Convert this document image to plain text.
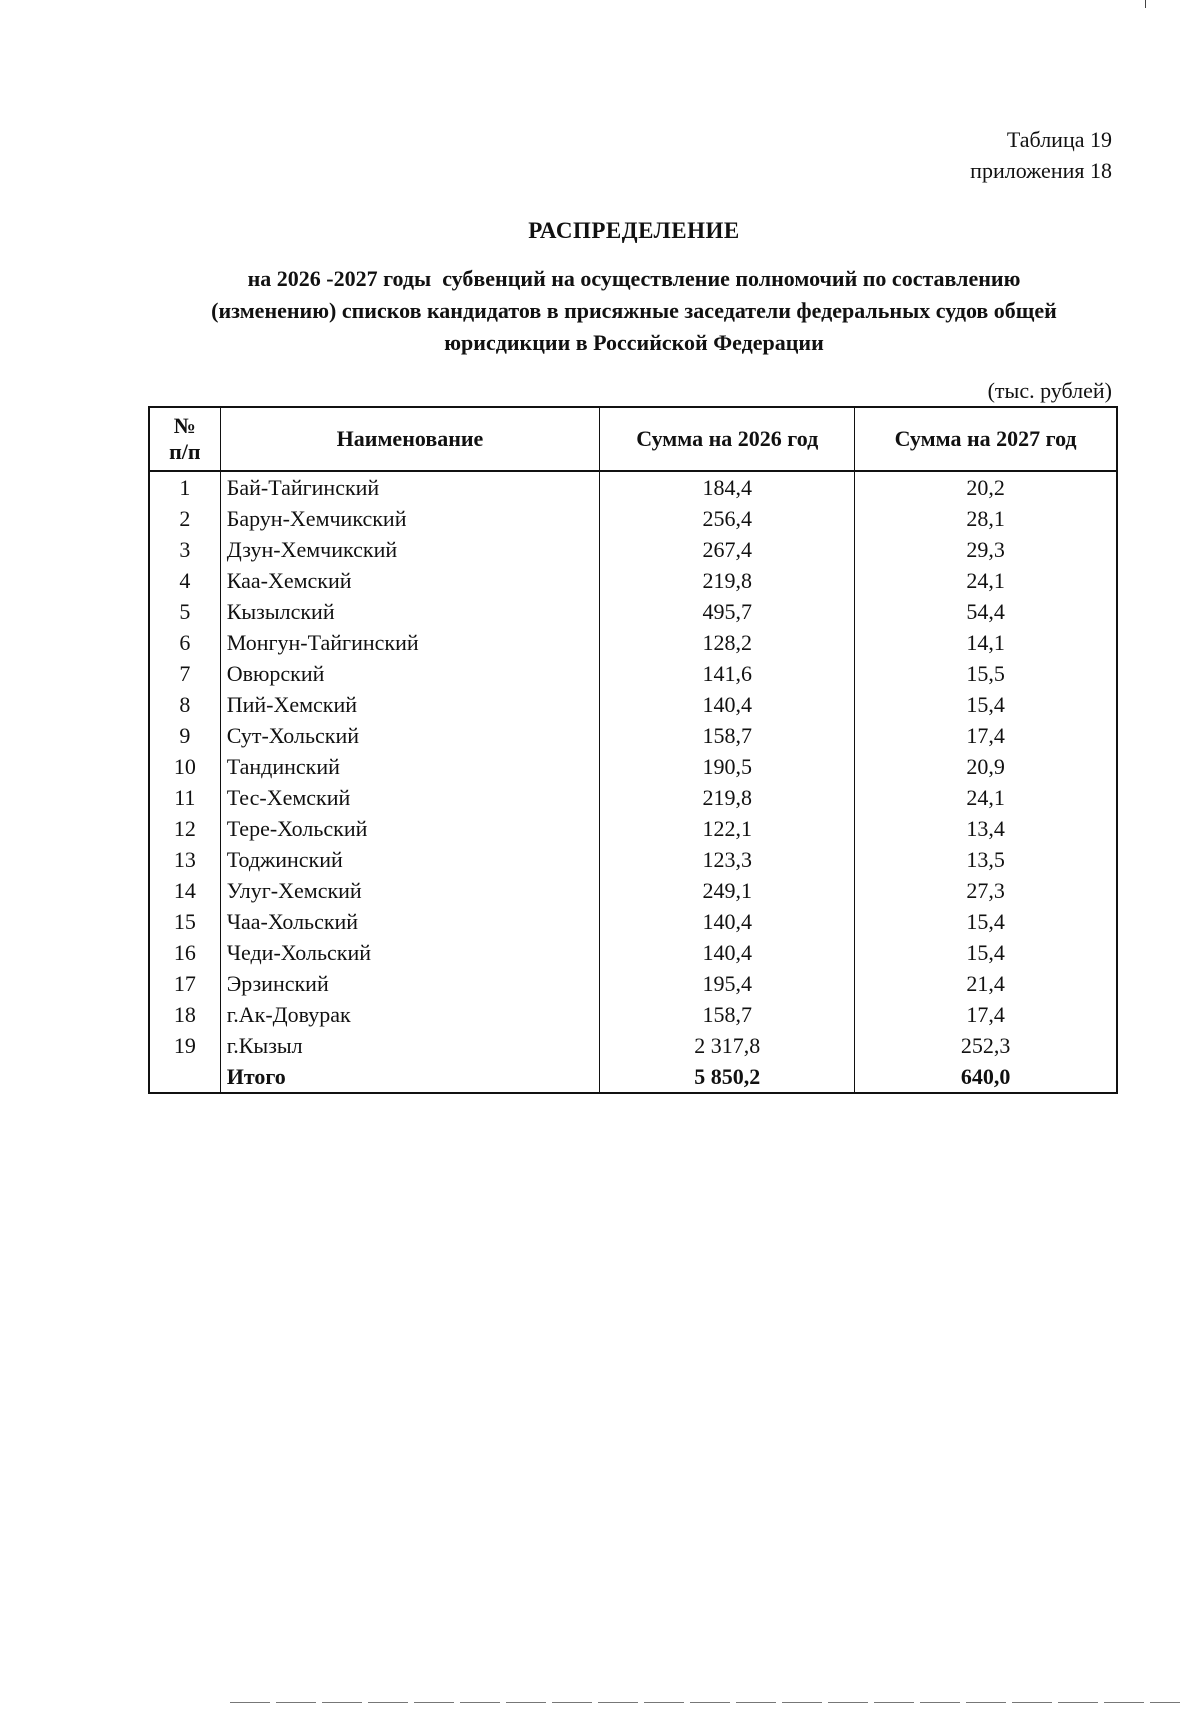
Таблица 19
приложения 18
РАСПРЕДЕЛЕНИЕ
на 2026 -2027 годы  субвенций на осуществление полномочий по составлению
(изменению) списков кандидатов в присяжные заседатели федеральных судов общей
юрисдикции в Российской Федерации
(тыс. рублей)
№
п/п	Наименование	Сумма на 2026 год	Сумма на 2027 год
1	Бай-Тайгинский	184,4	20,2
2	Барун-Хемчикский	256,4	28,1
3	Дзун-Хемчикский	267,4	29,3
4	Каа-Хемский	219,8	24,1
5	Кызылский	495,7	54,4
6	Монгун-Тайгинский	128,2	14,1
7	Овюрский	141,6	15,5
8	Пий-Хемский	140,4	15,4
9	Сут-Хольский	158,7	17,4
10	Тандинский	190,5	20,9
11	Тес-Хемский	219,8	24,1
12	Тере-Хольский	122,1	13,4
13	Тоджинский	123,3	13,5
14	Улуг-Хемский	249,1	27,3
15	Чаа-Хольский	140,4	15,4
16	Чеди-Хольский	140,4	15,4
17	Эрзинский	195,4	21,4
18	г.Ак-Довурак	158,7	17,4
19	г.Кызыл	2 317,8	252,3
	Итого	5 850,2	640,0
